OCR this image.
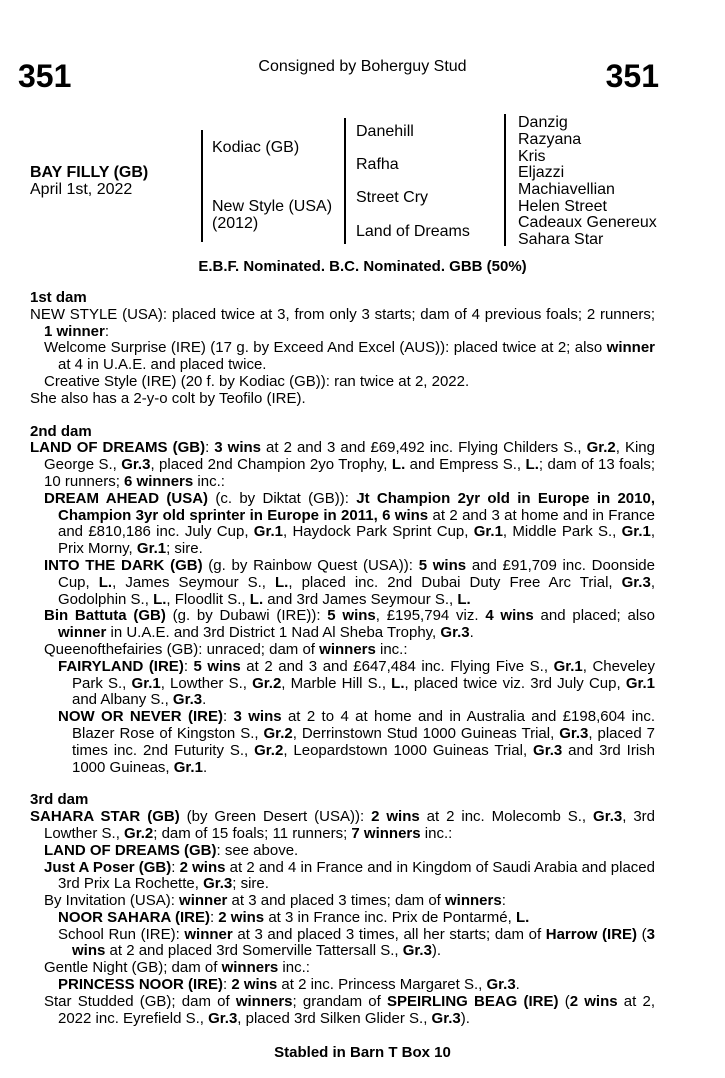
351	351
Consigned by Boherguy Stud
BAY FILLY (GB)
April 1st, 2022
Kodiac (GB)
New Style (USA)
(2012)
Danehill
Rafha
Street Cry
Land of Dreams
Danzig
Razyana
Kris
Eljazzi
Machiavellian
Helen Street
Cadeaux Genereux
Sahara Star
E.B.F. Nominated. B.C. Nominated. GBB (50%)

1st dam

NEW STYLE (USA): placed twice at 3, from only 3 starts; dam of 4 previous foals; 2 runners; 1 winner:

Welcome Surprise (IRE) (17 g. by Exceed And Excel (AUS)): placed twice at 2; also winner at 4 in U.A.E. and placed twice.

Creative Style (IRE) (20 f. by Kodiac (GB)): ran twice at 2, 2022.

She also has a 2-y-o colt by Teofilo (IRE).

2nd dam

LAND OF DREAMS (GB): 3 wins at 2 and 3 and £69,492 inc. Flying Childers S., Gr.2, King George S., Gr.3, placed 2nd Champion 2yo Trophy, L. and Empress S., L.; dam of 13 foals; 10 runners; 6 winners inc.:

DREAM AHEAD (USA) (c. by Diktat (GB)): Jt Champion 2yr old in Europe in 2010, Champion 3yr old sprinter in Europe in 2011, 6 wins at 2 and 3 at home and in France and £810,186 inc. July Cup, Gr.1, Haydock Park Sprint Cup, Gr.1, Middle Park S., Gr.1, Prix Morny, Gr.1; sire.

INTO THE DARK (GB) (g. by Rainbow Quest (USA)): 5 wins and £91,709 inc. Doonside Cup, L., James Seymour S., L., placed inc. 2nd Dubai Duty Free Arc Trial, Gr.3, Godolphin S., L., Floodlit S., L. and 3rd James Seymour S., L.

Bin Battuta (GB) (g. by Dubawi (IRE)): 5 wins, £195,794 viz. 4 wins and placed; also winner in U.A.E. and 3rd District 1 Nad Al Sheba Trophy, Gr.3.

Queenofthefairies (GB): unraced; dam of winners inc.:

FAIRYLAND (IRE): 5 wins at 2 and 3 and £647,484 inc. Flying Five S., Gr.1, Cheveley Park S., Gr.1, Lowther S., Gr.2, Marble Hill S., L., placed twice viz. 3rd July Cup, Gr.1 and Albany S., Gr.3.

NOW OR NEVER (IRE): 3 wins at 2 to 4 at home and in Australia and £198,604 inc. Blazer Rose of Kingston S., Gr.2, Derrinstown Stud 1000 Guineas Trial, Gr.3, placed 7 times inc. 2nd Futurity S., Gr.2, Leopardstown 1000 Guineas Trial, Gr.3 and 3rd Irish 1000 Guineas, Gr.1.

3rd dam

SAHARA STAR (GB) (by Green Desert (USA)): 2 wins at 2 inc. Molecomb S., Gr.3, 3rd Lowther S., Gr.2; dam of 15 foals; 11 runners; 7 winners inc.:

LAND OF DREAMS (GB): see above.

Just A Poser (GB): 2 wins at 2 and 4 in France and in Kingdom of Saudi Arabia and placed 3rd Prix La Rochette, Gr.3; sire.

By Invitation (USA): winner at 3 and placed 3 times; dam of winners:

NOOR SAHARA (IRE): 2 wins at 3 in France inc. Prix de Pontarmé, L.

School Run (IRE): winner at 3 and placed 3 times, all her starts; dam of Harrow (IRE) (3 wins at 2 and placed 3rd Somerville Tattersall S., Gr.3).

Gentle Night (GB); dam of winners inc.:

PRINCESS NOOR (IRE): 2 wins at 2 inc. Princess Margaret S., Gr.3.

Star Studded (GB); dam of winners; grandam of SPEIRLING BEAG (IRE) (2 wins at 2, 2022 inc. Eyrefield S., Gr.3, placed 3rd Silken Glider S., Gr.3).

Stabled in Barn T Box 10
